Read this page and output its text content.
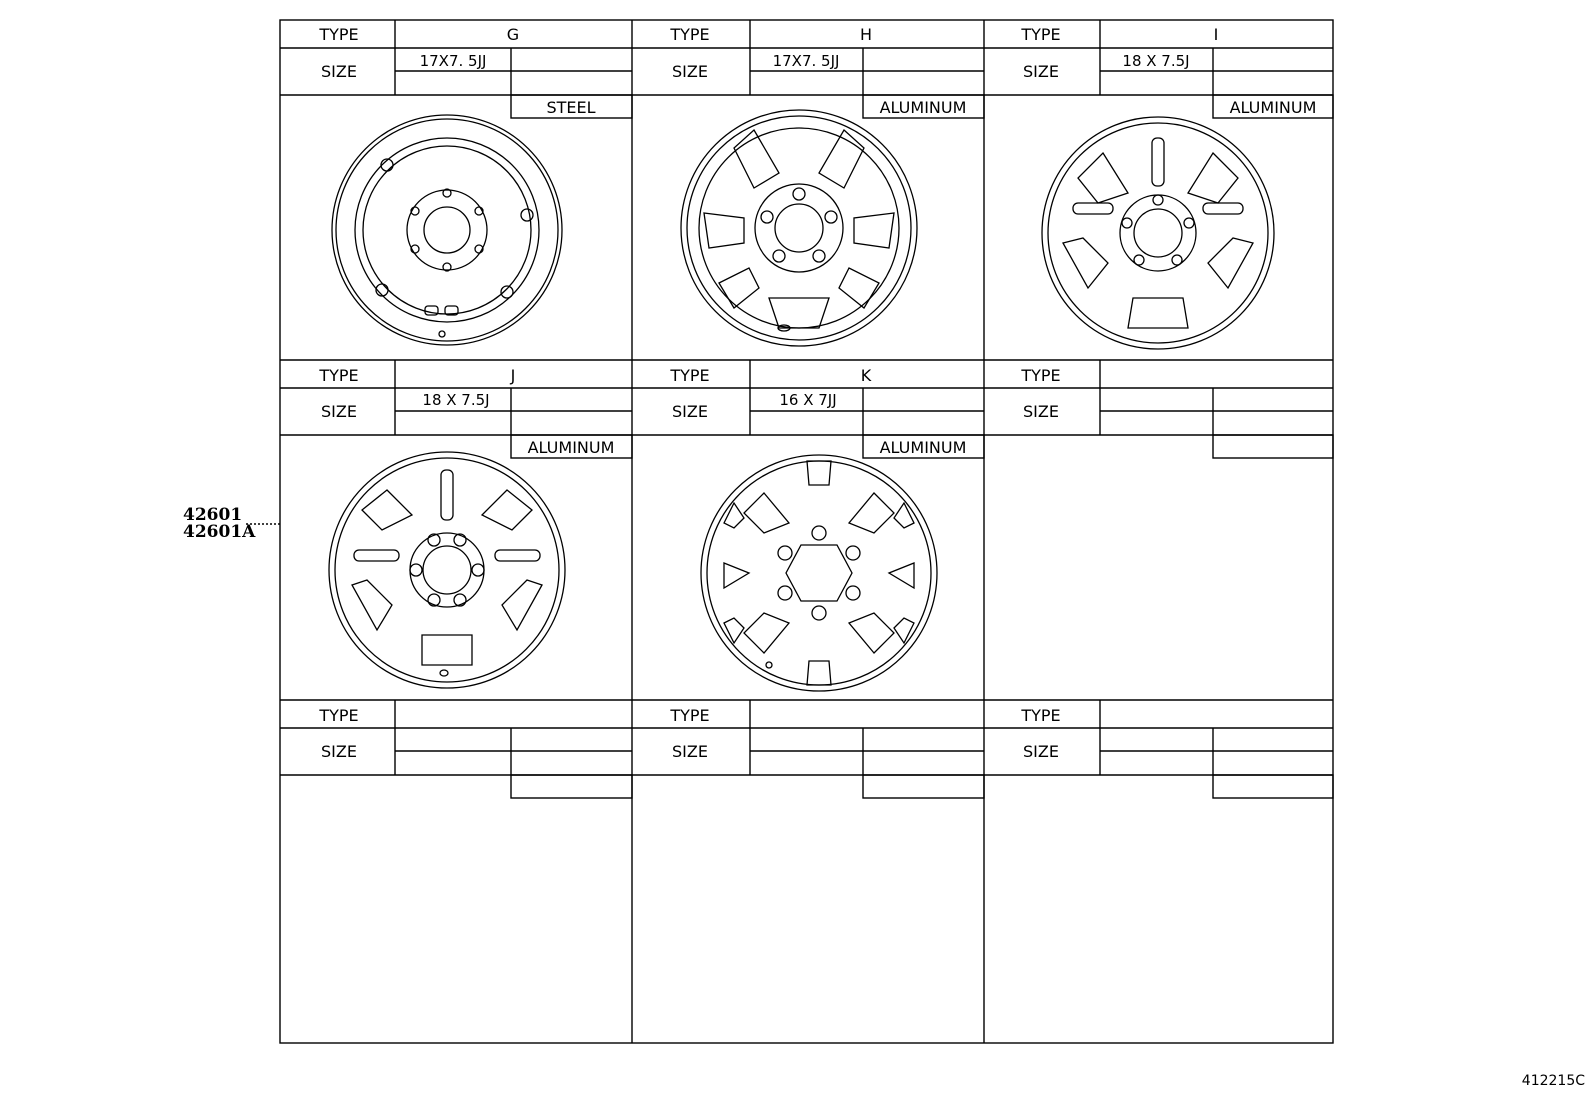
TYPE
SIZE
G
17X7. 5JJ
STEEL
TYPE
SIZE
H
17X7. 5JJ
ALUMINUM
TYPE
SIZE
I
18 X 7.5J
ALUMINUM
TYPE
SIZE
J
18 X 7.5J
ALUMINUM
TYPE
SIZE
K
16 X 7JJ
ALUMINUM
TYPE
SIZE
TYPE
SIZE
TYPE
SIZE
TYPE
SIZE
42601
42601A
412215C
